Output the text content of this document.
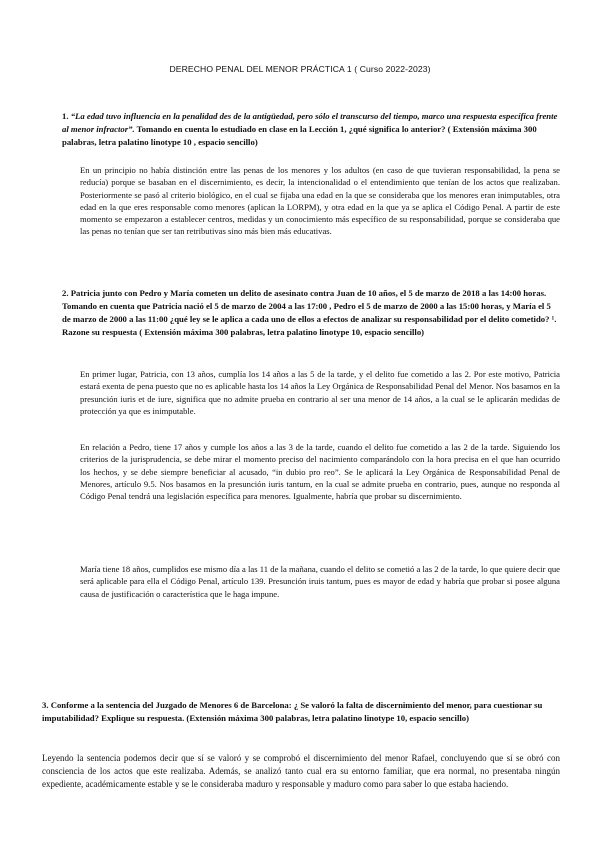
DERECHO PENAL DEL MENOR PRÁCTICA 1 ( Curso 2022-2023)

1. “La edad tuvo influencia en la penalidad des de la antigüedad, pero sólo el transcurso del tiempo, marco una respuesta específica frente al menor infractor”. Tomando en cuenta lo estudiado en clase en la Lección 1, ¿qué significa lo anterior? ( Extensión máxima 300 palabras, letra palatino linotype 10 , espacio sencillo)

En un principio no había distinción entre las penas de los menores y los adultos (en caso de que tuvieran responsabilidad, la pena se reducía) porque se basaban en el discernimiento, es decir, la intencionalidad o el entendimiento que tenían de los actos que realizaban. Posteriormente se pasó al criterio biológico, en el cual se fijaba una edad en la que se consideraba que los menores eran inimputables, otra edad en la que eres responsable como menores (aplican la LORPM), y otra edad en la que ya se aplica el Código Penal. A partir de este momento se empezaron a establecer centros, medidas y un conocimiento más específico de su responsabilidad, porque se consideraba que las penas no tenían que ser tan retributivas sino más bien más educativas.

2. Patricia junto con Pedro y María cometen un delito de asesinato contra Juan de 10 años, el 5 de marzo de 2018 a las 14:00 horas. Tomando en cuenta que Patricia nació el 5 de marzo de 2004 a las 17:00 , Pedro el 5 de marzo de 2000 a las 15:00 horas, y María el 5 de marzo de 2000 a las 11:00 ¿qué ley se le aplica a cada uno de ellos a efectos de analizar su responsabilidad por el delito cometido? ¹. Razone su respuesta ( Extensión máxima 300 palabras, letra palatino linotype 10, espacio sencillo)

En primer lugar, Patricia, con 13 años, cumplía los 14 años a las 5 de la tarde, y el delito fue cometido a las 2. Por este motivo, Patricia estará exenta de pena puesto que no es aplicable hasta los 14 años la Ley Orgánica de Responsabilidad Penal del Menor. Nos basamos en la presunción iuris et de iure, significa que no admite prueba en contrario al ser una menor de 14 años, a la cual se le aplicarán medidas de protección ya que es inimputable.

En relación a Pedro, tiene 17 años y cumple los años a las 3 de la tarde, cuando el delito fue cometido a las 2 de la tarde. Siguiendo los criterios de la jurisprudencia, se debe mirar el momento preciso del nacimiento comparándolo con la hora precisa en el que han ocurrido los hechos, y se debe siempre beneficiar al acusado, “in dubio pro reo”. Se le aplicará la Ley Orgánica de Responsabilidad Penal de Menores, artículo 9.5. Nos basamos en la presunción iuris tantum, en la cual se admite prueba en contrario, pues, aunque no responda al Código Penal tendrá una legislación específica para menores. Igualmente, habría que probar su discernimiento.

María tiene 18 años, cumplidos ese mismo día a las 11 de la mañana, cuando el delito se cometió a las 2 de la tarde, lo que quiere decir que será aplicable para ella el Código Penal, artículo 139. Presunción iruis tantum, pues es mayor de edad y habría que probar si posee alguna causa de justificación o característica que le haga impune.

3. Conforme a la sentencia del Juzgado de Menores 6 de Barcelona: ¿ Se valoró la falta de discernimiento del menor, para cuestionar su imputabilidad? Explique su respuesta. (Extensión máxima 300 palabras, letra palatino linotype 10, espacio sencillo)

Leyendo la sentencia podemos decir que sí se valoró y se comprobó el discernimiento del menor Rafael, concluyendo que sí se obró con consciencia de los actos que este realizaba. Además, se analizó tanto cual era su entorno familiar, que era normal, no presentaba ningún expediente, académicamente estable y se le consideraba maduro y responsable y maduro como para saber lo que estaba haciendo.
